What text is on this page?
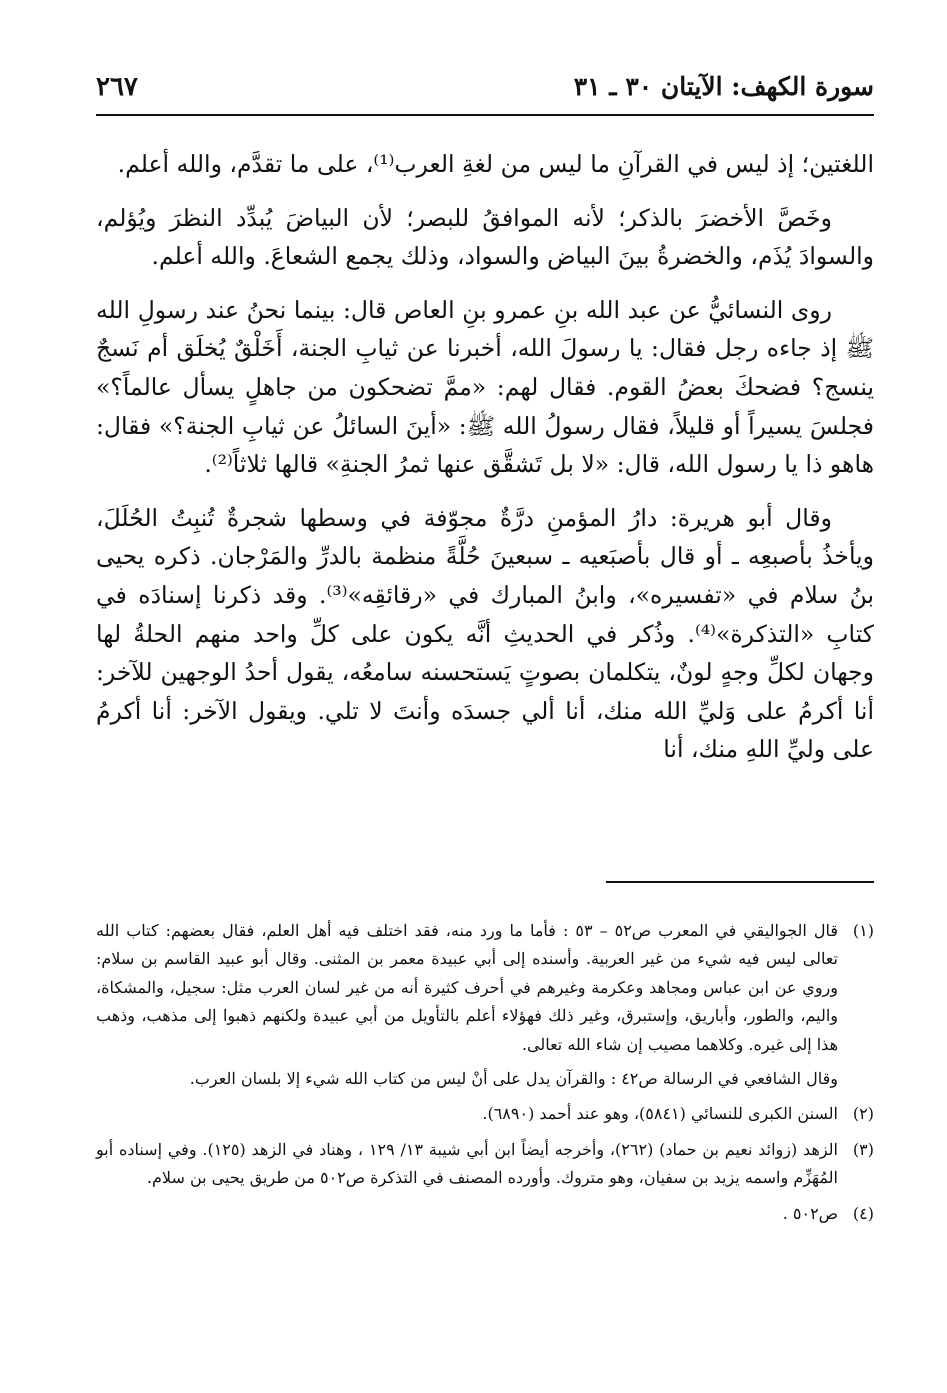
سورة الكهف: الآيتان ٣٠ ـ ٣١
٢٦٧

اللغتين؛ إذ ليس في القرآنِ ما ليس من لغةِ العرب⁽¹⁾، على ما تقدَّم، والله أعلم.

وخَصَّ الأخضرَ بالذكر؛ لأنه الموافقُ للبصر؛ لأن البياضَ يُبدِّد النظرَ ويُؤلم، والسوادَ يُذَم، والخضرةُ بينَ البياض والسواد، وذلك يجمع الشعاعَ. والله أعلم.

روى النسائيُّ عن عبد الله بنِ عمرو بنِ العاص قال: بينما نحنُ عند رسولِ الله ﷺ إذ جاءه رجل فقال: يا رسولَ الله، أخبرنا عن ثيابِ الجنة، أَخَلْقٌ يُخلَق أم نَسجٌ ينسج؟ فضحكَ بعضُ القوم. فقال لهم: «ممَّ تضحكون من جاهلٍ يسأل عالماً؟» فجلسَ يسيراً أو قليلاً، فقال رسولُ الله ﷺ: «أينَ السائلُ عن ثيابِ الجنة؟» فقال: هاهو ذا يا رسول الله، قال: «لا بل تَشقَّق عنها ثمرُ الجنةِ» قالها ثلاثاً⁽²⁾.

وقال أبو هريرة: دارُ المؤمنِ درَّةٌ مجوّفة في وسطها شجرةٌ تُنبِتُ الحُلَلَ، ويأخذُ بأصبعِه ـ أو قال بأصبَعيه ـ سبعينَ حُلَّةً منظمة بالدرِّ والمَرْجان. ذكره يحيى بنُ سلام في «تفسيره»، وابنُ المبارك في «رقائقِه»⁽³⁾. وقد ذكرنا إسنادَه في كتابِ «التذكرة»⁽⁴⁾. وذُكر في الحديثِ أنَّه يكون على كلِّ واحد منهم الحلةُ لها وجهان لكلِّ وجهٍ لونٌ، يتكلمان بصوتٍ يَستحسنه سامعُه، يقول أحدُ الوجهين للآخر: أنا أكرمُ على وَليِّ الله منك، أنا ألي جسدَه وأنتَ لا تلي. ويقول الآخر: أنا أكرمُ على وليِّ اللهِ منك، أنا

(١)

قال الجواليقي في المعرب ص٥٢ – ٥٣ : فأما ما ورد منه، فقد اختلف فيه أهل العلم، فقال بعضهم: كتاب الله تعالى ليس فيه شيء من غير العربية. وأسنده إلى أبي عبيدة معمر بن المثنى. وقال أبو عبيد القاسم بن سلام: وروي عن ابن عباس ومجاهد وعكرمة وغيرهم في أحرف كثيرة أنه من غير لسان العرب مثل: سجيل، والمشكاة، واليم، والطور، وأباريق، وإستبرق، وغير ذلك فهؤلاء أعلم بالتأويل من أبي عبيدة ولكنهم ذهبوا إلى مذهب، وذهب هذا إلى غيره. وكلاهما مصيب إن شاء الله تعالى.

وقال الشافعي في الرسالة ص٤٢ : والقرآن يدل على أنْ ليس من كتاب الله شيء إلا بلسان العرب.

(٢)

السنن الكبرى للنسائي (٥٨٤١)، وهو عند أحمد (٦٨٩٠).

(٣)

الزهد (زوائد نعيم بن حماد) (٢٦٢)، وأخرجه أيضاً ابن أبي شيبة ١٣/ ١٢٩ ، وهناد في الزهد (١٢٥). وفي إسناده أبو المُهَزِّم واسمه يزيد بن سفيان، وهو متروك. وأورده المصنف في التذكرة ص٥٠٢ من طريق يحيى بن سلام.

(٤)

ص٥٠٢ .
